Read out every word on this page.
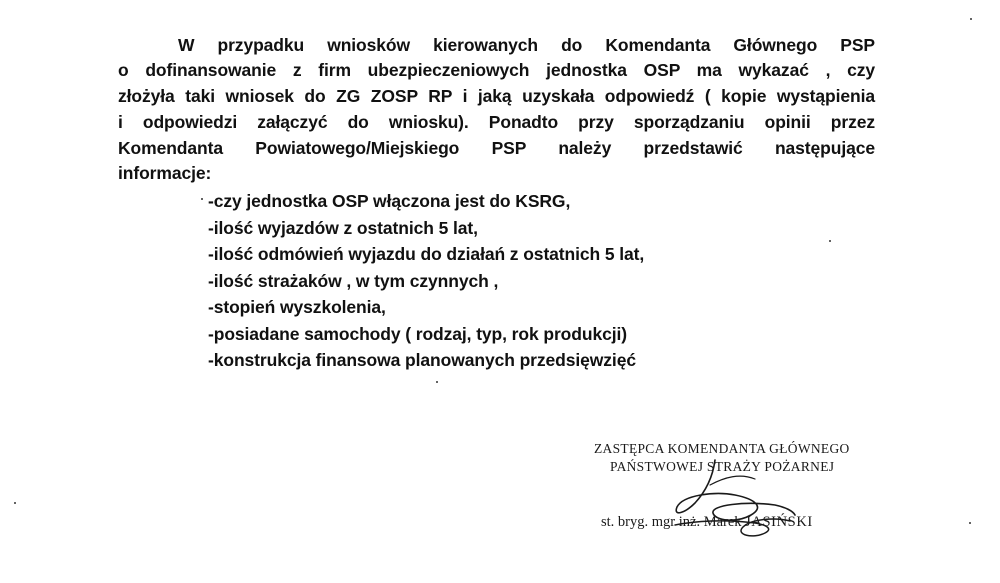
W przypadku wniosków kierowanych do Komendanta Głównego PSP
o dofinansowanie z firm ubezpieczeniowych jednostka OSP ma wykazać , czy
złożyła taki wniosek do ZG ZOSP RP i jaką uzyskała odpowiedź ( kopie wystąpienia
i odpowiedzi załączyć do wniosku). Ponadto przy sporządzaniu opinii przez
Komendanta Powiatowego/Miejskiego PSP należy przedstawić następujące
informacje:
-czy jednostka OSP włączona jest do KSRG,
-ilość wyjazdów z ostatnich 5 lat,
-ilość odmówień wyjazdu do działań z ostatnich 5 lat,
-ilość strażaków , w tym czynnych ,
-stopień wyszkolenia,
-posiadane samochody ( rodzaj, typ, rok produkcji)
-konstrukcja finansowa planowanych przedsięwzięć
ZASTĘPCA KOMENDANTA GŁÓWNEGO
PAŃSTWOWEJ STRAŻY POŻARNEJ
st. bryg. mgr inż. Marek JASIŃSKI
